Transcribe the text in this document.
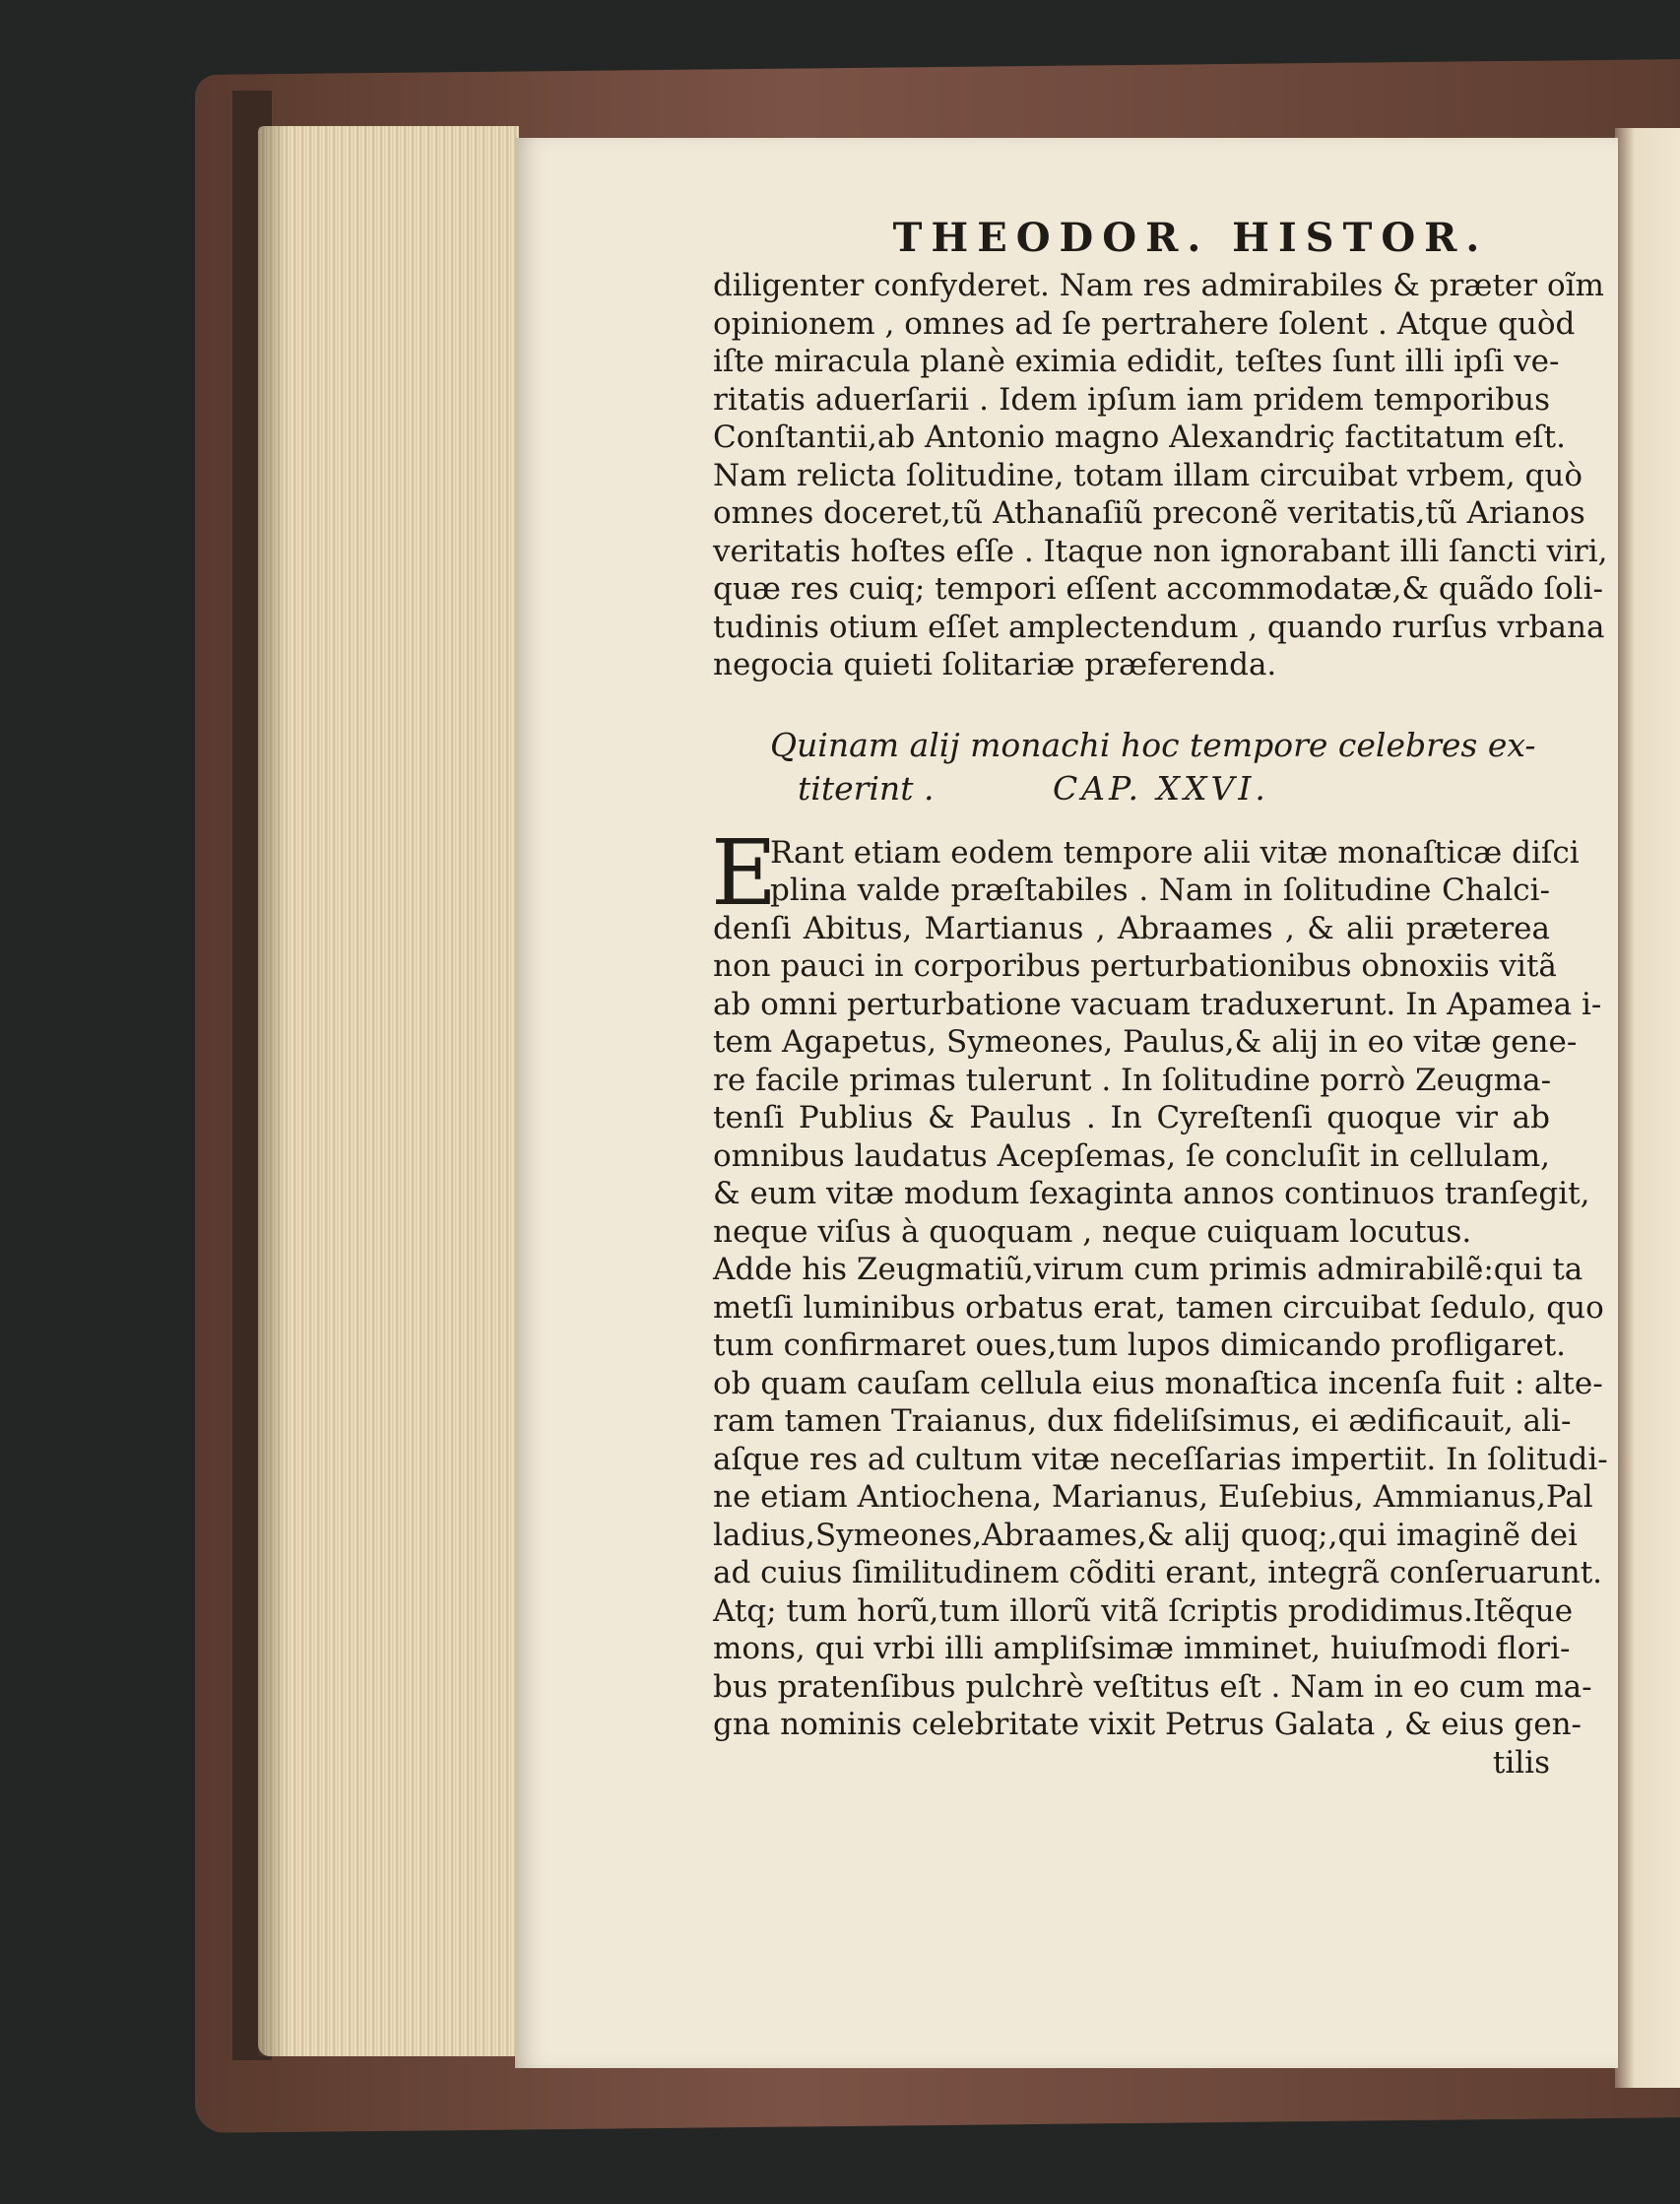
THEODOR. HISTOR.
diligenter confyderet. Nam res admirabiles & præter oĩm
opinionem , omnes ad ſe pertrahere ſolent . Atque quòd
iſte miracula planè eximia edidit, teſtes ſunt illi ipſi ve-
ritatis aduerſarii . Idem ipſum iam pridem temporibus
Conſtantii,ab Antonio magno Alexandriç factitatum eſt.
Nam relicta ſolitudine, totam illam circuibat vrbem, quò
omnes doceret,tũ Athanaſiũ preconẽ veritatis,tũ Arianos
veritatis hoſtes eſſe . Itaque non ignorabant illi ſancti viri,
quæ res cuiq; tempori eſſent accommodatæ,& quãdo ſoli-
tudinis otium eſſet amplectendum , quando rurſus vrbana
negocia quieti ſolitariæ præferenda.
Quinam alij monachi hoc tempore celebres ex-
titerint .	CAP. XXVI.
E
Rant etiam eodem tempore alii vitæ monaſticæ diſci
plina valde præſtabiles . Nam in ſolitudine Chalci-
denſi Abitus, Martianus , Abraames , & alii præterea
non pauci in corporibus perturbationibus obnoxiis vitã
ab omni perturbatione vacuam traduxerunt. In Apamea i-
tem Agapetus, Symeones, Paulus,& alij in eo vitæ gene-
re facile primas tulerunt . In ſolitudine porrò Zeugma-
tenſi Publius & Paulus . In Cyreſtenſi quoque vir ab
omnibus laudatus Acepſemas, ſe concluſit in cellulam,
& eum vitæ modum ſexaginta annos continuos tranſegit,
neque viſus à quoquam , neque cuiquam locutus.
Adde his Zeugmatiũ,virum cum primis admirabilẽ:qui ta
metſi luminibus orbatus erat, tamen circuibat ſedulo, quo
tum confirmaret oues,tum lupos dimicando profligaret.
ob quam cauſam cellula eius monaſtica incenſa fuit : alte-
ram tamen Traianus, dux fideliſsimus, ei ædificauit, ali-
aſque res ad cultum vitæ neceſſarias impertiit. In ſolitudi-
ne etiam Antiochena, Marianus, Euſebius, Ammianus,Pal
ladius,Symeones,Abraames,& alij quoq;,qui imaginẽ dei
ad cuius ſimilitudinem cõditi erant, integrã conſeruarunt.
Atq; tum horũ,tum illorũ vitã ſcriptis prodidimus.Itẽque
mons, qui vrbi illi ampliſsimæ imminet, huiuſmodi flori-
bus pratenſibus pulchrè veſtitus eſt . Nam in eo cum ma-
gna nominis celebritate vixit Petrus Galata , & eius gen-
tilis
